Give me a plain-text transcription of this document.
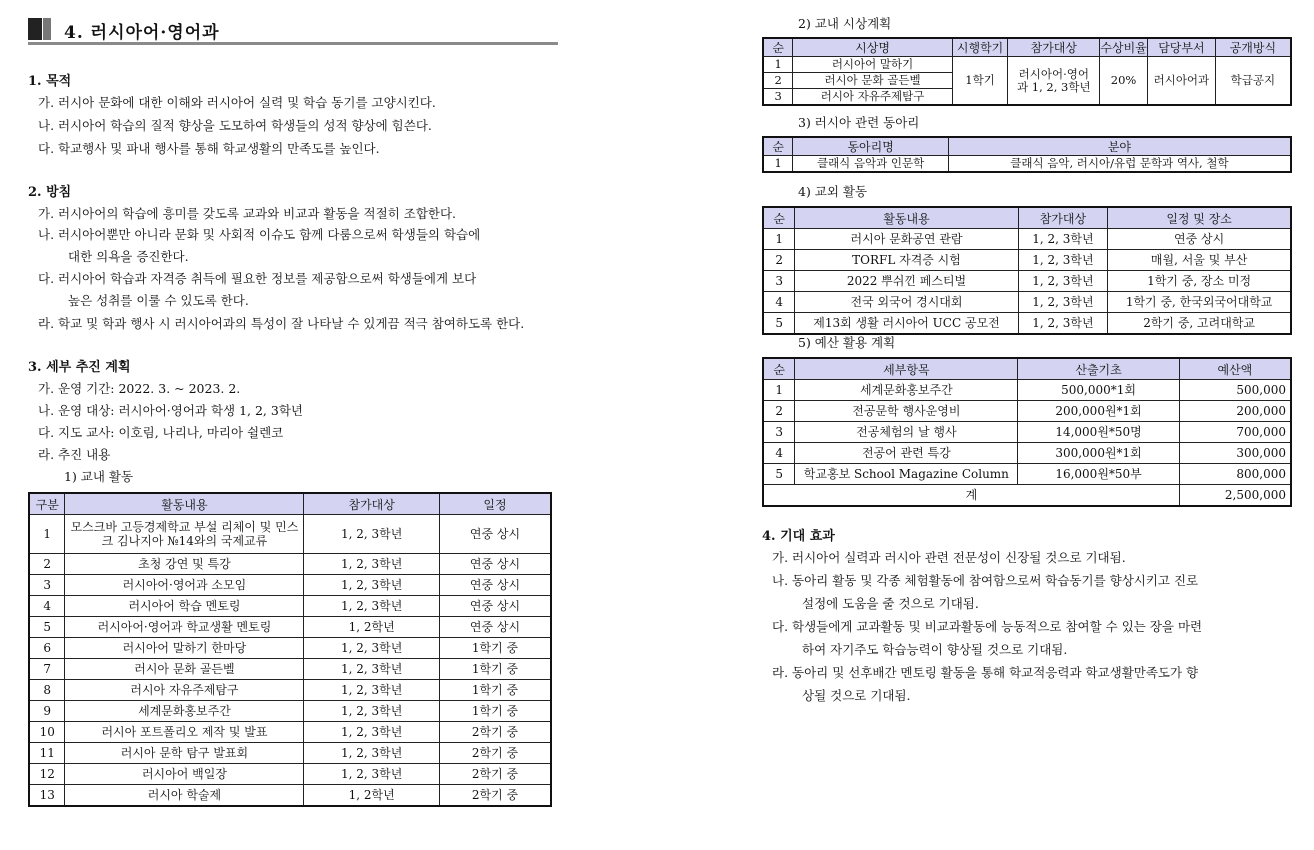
4. 러시아어·영어과
1. 목적
가. 러시아 문화에 대한 이해와 러시아어 실력 및 학습 동기를 고양시킨다.
나. 러시아어 학습의 질적 향상을 도모하여 학생들의 성적 향상에 힘쓴다.
다. 학교행사 및 파내 행사를 통해 학교생활의 만족도를 높인다.
2. 방침
가. 러시아어의 학습에 흥미를 갖도록 교과와 비교과 활동을 적절히 조합한다.
나. 러시아어뿐만 아니라 문화 및 사회적 이슈도 함께 다룸으로써 학생들의 학습에
대한 의욕을 증진한다.
다. 러시아어 학습과 자격증 취득에 필요한 정보를 제공함으로써 학생들에게 보다
높은 성취를 이룰 수 있도록 한다.
라. 학교 및 학과 행사 시 러시아어과의 특성이 잘 나타날 수 있게끔 적극 참여하도록 한다.
3. 세부 추진 계획
가. 운영 기간: 2022. 3. ~ 2023. 2.
나. 운영 대상: 러시아어·영어과 학생 1, 2, 3학년
다. 지도 교사: 이호림, 나리나, 마리아 쉴렌코
라. 추진 내용
1) 교내 활동
구분	활동내용	참가대상	일정
1	모스크바 고등경제학교 부설 리체이 및 민스크 김나지아 №14와의 국제교류	1, 2, 3학년	연중 상시
2	초청 강연 및 특강	1, 2, 3학년	연중 상시
3	러시아어·영어과 소모임	1, 2, 3학년	연중 상시
4	러시아어 학습 멘토링	1, 2, 3학년	연중 상시
5	러시아어·영어과 학교생활 멘토링	1, 2학년	연중 상시
6	러시아어 말하기 한마당	1, 2, 3학년	1학기 중
7	러시아 문화 골든벨	1, 2, 3학년	1학기 중
8	러시아 자유주제탐구	1, 2, 3학년	1학기 중
9	세계문화홍보주간	1, 2, 3학년	1학기 중
10	러시아 포트폴리오 제작 및 발표	1, 2, 3학년	2학기 중
11	러시아 문학 탐구 발표회	1, 2, 3학년	2학기 중
12	러시아어 백일장	1, 2, 3학년	2학기 중
13	러시아 학술제	1, 2학년	2학기 중
2) 교내 시상계획
순	시상명	시행학기	참가대상	수상비율	담당부서	공개방식
1	러시아어 말하기	1학기	러시아어·영어과 1, 2, 3학년	20%	러시아어과	학급공지
2	러시아 문화 골든벨					
3	러시아 자유주제탐구					
3) 러시아 관련 동아리
순	동아리명	분야
1	클래식 음악과 인문학	클래식 음악, 러시아/유럽 문학과 역사, 철학
4) 교외 활동
순	활동내용	참가대상	일정 및 장소
1	러시아 문화공연 관람	1, 2, 3학년	연중 상시
2	TORFL 자격증 시험	1, 2, 3학년	매월, 서울 및 부산
3	2022 뿌쉬낀 페스티벌	1, 2, 3학년	1학기 중, 장소 미정
4	전국 외국어 경시대회	1, 2, 3학년	1학기 중, 한국외국어대학교
5	제13회 생활 러시아어 UCC 공모전	1, 2, 3학년	2학기 중, 고려대학교
5) 예산 활용 계획
순	세부항목	산출기초	예산액
1	세계문화홍보주간	500,000*1회	500,000
2	전공문학 행사운영비	200,000원*1회	200,000
3	전공체험의 날 행사	14,000원*50명	700,000
4	전공어 관련 특강	300,000원*1회	300,000
5	학교홍보 School Magazine Column	16,000원*50부	800,000
계			2,500,000
4. 기대 효과
가. 러시아어 실력과 러시아 관련 전문성이 신장될 것으로 기대됨.
나. 동아리 활동 및 각종 체험활동에 참여함으로써 학습동기를 향상시키고 진로
설정에 도움을 줄 것으로 기대됨.
다. 학생들에게 교과활동 및 비교과활동에 능동적으로 참여할 수 있는 장을 마련
하여 자기주도 학습능력이 향상될 것으로 기대됨.
라. 동아리 및 선후배간 멘토링 활동을 통해 학교적응력과 학교생활만족도가 향
상될 것으로 기대됨.
